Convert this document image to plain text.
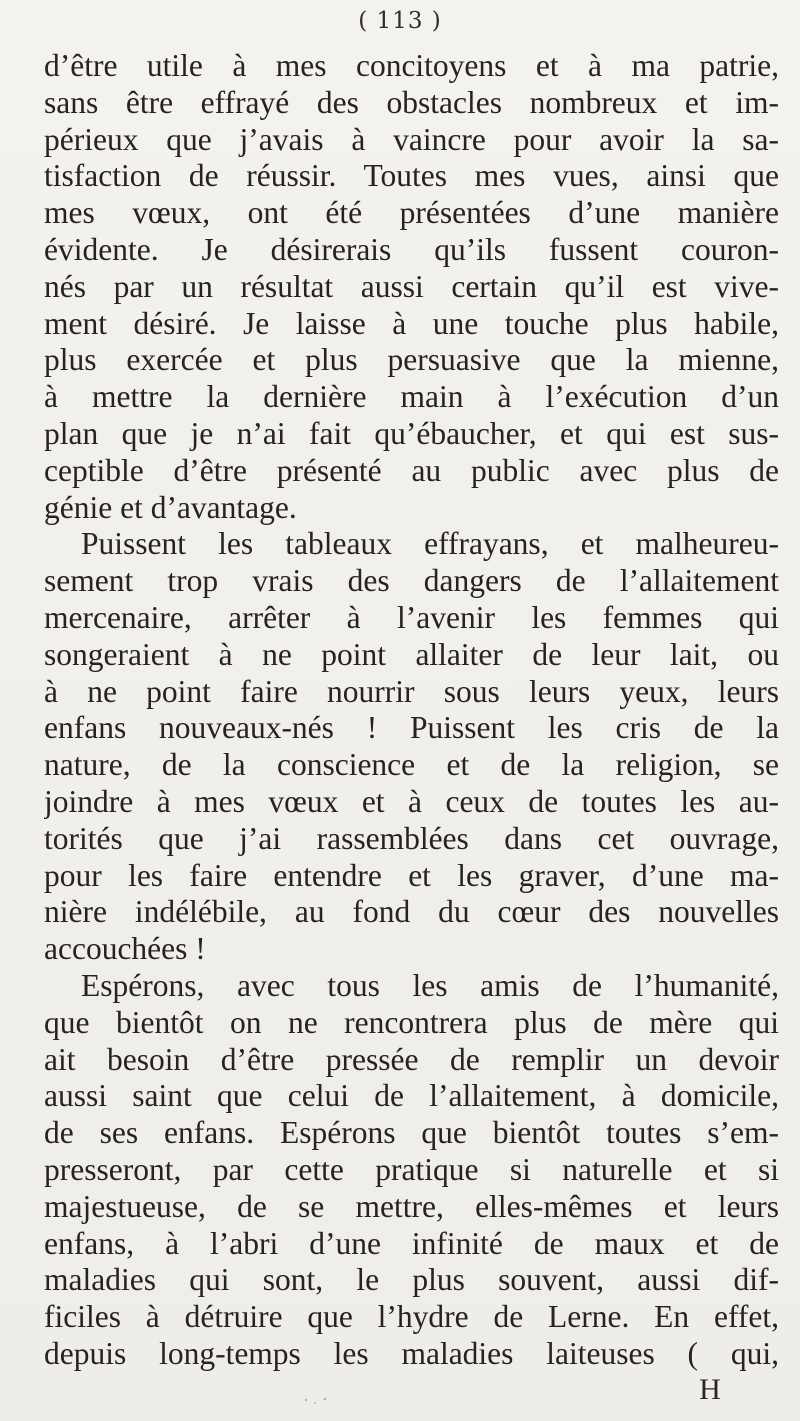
( 113 )
d’être utile à mes concitoyens et à ma patrie,
sans être effrayé des obstacles nombreux et im-
périeux que j’avais à vaincre pour avoir la sa-
tisfaction de réussir. Toutes mes vues, ainsi que
mes vœux, ont été présentées d’une manière
évidente. Je désirerais qu’ils fussent couron-
nés par un résultat aussi certain qu’il est vive-
ment désiré. Je laisse à une touche plus habile,
plus exercée et plus persuasive que la mienne,
à mettre la dernière main à l’exécution d’un
plan que je n’ai fait qu’ébaucher, et qui est sus-
ceptible d’être présenté au public avec plus de
génie et d’avantage.
Puissent les tableaux effrayans, et malheureu-
sement trop vrais des dangers de l’allaitement
mercenaire, arrêter à l’avenir les femmes qui
songeraient à ne point allaiter de leur lait, ou
à ne point faire nourrir sous leurs yeux, leurs
enfans nouveaux-nés ! Puissent les cris de la
nature, de la conscience et de la religion, se
joindre à mes vœux et à ceux de toutes les au-
torités que j’ai rassemblées dans cet ouvrage,
pour les faire entendre et les graver, d’une ma-
nière indélébile, au fond du cœur des nouvelles
accouchées !
Espérons, avec tous les amis de l’humanité,
que bientôt on ne rencontrera plus de mère qui
ait besoin d’être pressée de remplir un devoir
aussi saint que celui de l’allaitement, à domicile,
de ses enfans. Espérons que bientôt toutes s’em-
presseront, par cette pratique si naturelle et si
majestueuse, de se mettre, elles-mêmes et leurs
enfans, à l’abri d’une infinité de maux et de
maladies qui sont, le plus souvent, aussi dif-
ficiles à détruire que l’hydre de Lerne. En effet,
depuis long-temps les maladies laiteuses ( qui,
H
